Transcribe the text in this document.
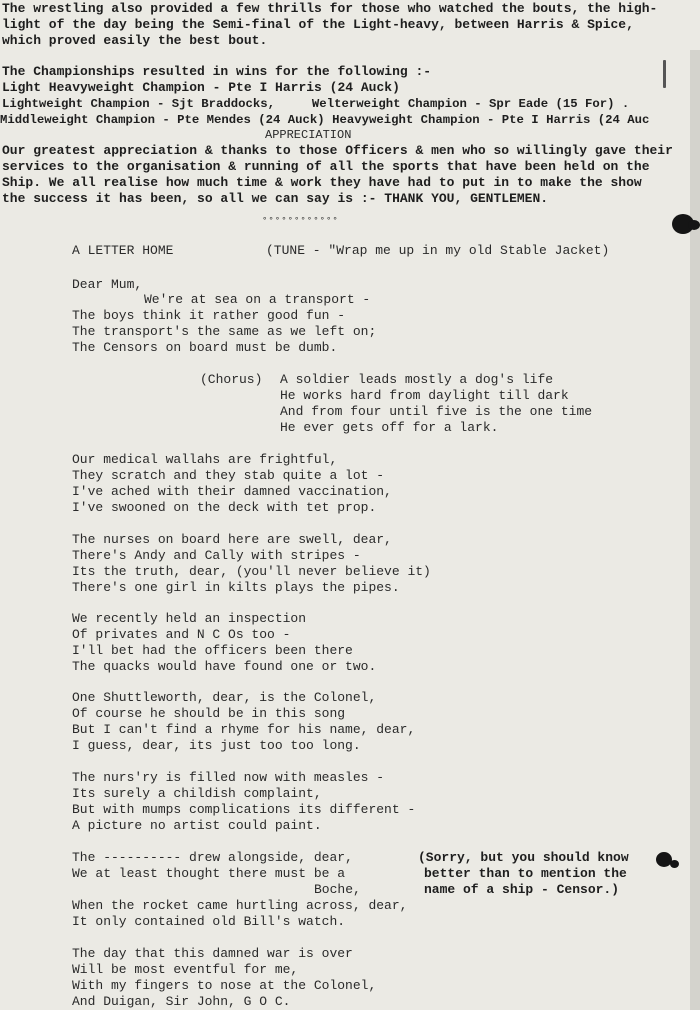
The wrestling also provided a few thrills for those who watched the bouts, the high-
light of the day being the Semi-final of the Light-heavy, between Harris & Spice,
which proved easily the best bout.
The Championships resulted in wins for the following :-
Light Heavyweight Champion - Pte I Harris (24 Auck)
Lightweight Champion - Sjt Braddocks,     Welterweight Champion - Spr Eade (15 For) .
Middleweight Champion - Pte Mendes (24 Auck) Heavyweight Champion - Pte I Harris (24 Auc
APPRECIATION
Our greatest appreciation & thanks to those Officers & men who so willingly gave their
services to the organisation & running of all the sports that have been held on the
Ship. We all realise how much time & work they have had to put in to make the show
the success it has been, so all we can say is :- THANK YOU, GENTLEMEN.
°°°°°°°°°°°°
A LETTER HOME	(TUNE - "Wrap me up in my old Stable Jacket)
Dear Mum,
We're at sea on a transport -
The boys think it rather good fun -
The transport's the same as we left on;
The Censors on board must be dumb.
(Chorus) A soldier leads mostly a dog's life
He works hard from daylight till dark
And from four until five is the one time
He ever gets off for a lark.
Our medical wallahs are frightful,
They scratch and they stab quite a lot -
I've ached with their damned vaccination,
I've swooned on the deck with tet prop.
The nurses on board here are swell, dear,
There's Andy and Cally with stripes -
Its the truth, dear, (you'll never believe it)
There's one girl in kilts plays the pipes.
We recently held an inspection
Of privates and N C Os too -
I'll bet had the officers been there
The quacks would have found one or two.
One Shuttleworth, dear, is the Colonel,
Of course he should be in this song
But I can't find a rhyme for his name, dear,
I guess, dear, its just too too long.
The nurs'ry is filled now with measles -
Its surely a childish complaint,
But with mumps complications its different -
A picture no artist could paint.
The ---------- drew alongside, dear,
We at least thought there must be a
Boche,
When the rocket came hurtling across, dear,
It only contained old Bill's watch.
(Sorry, but you should know
better than to mention the
name of a ship - Censor.)
The day that this damned war is over
Will be most eventful for me,
With my fingers to nose at the Colonel,
And Duigan, Sir John, G O C.
